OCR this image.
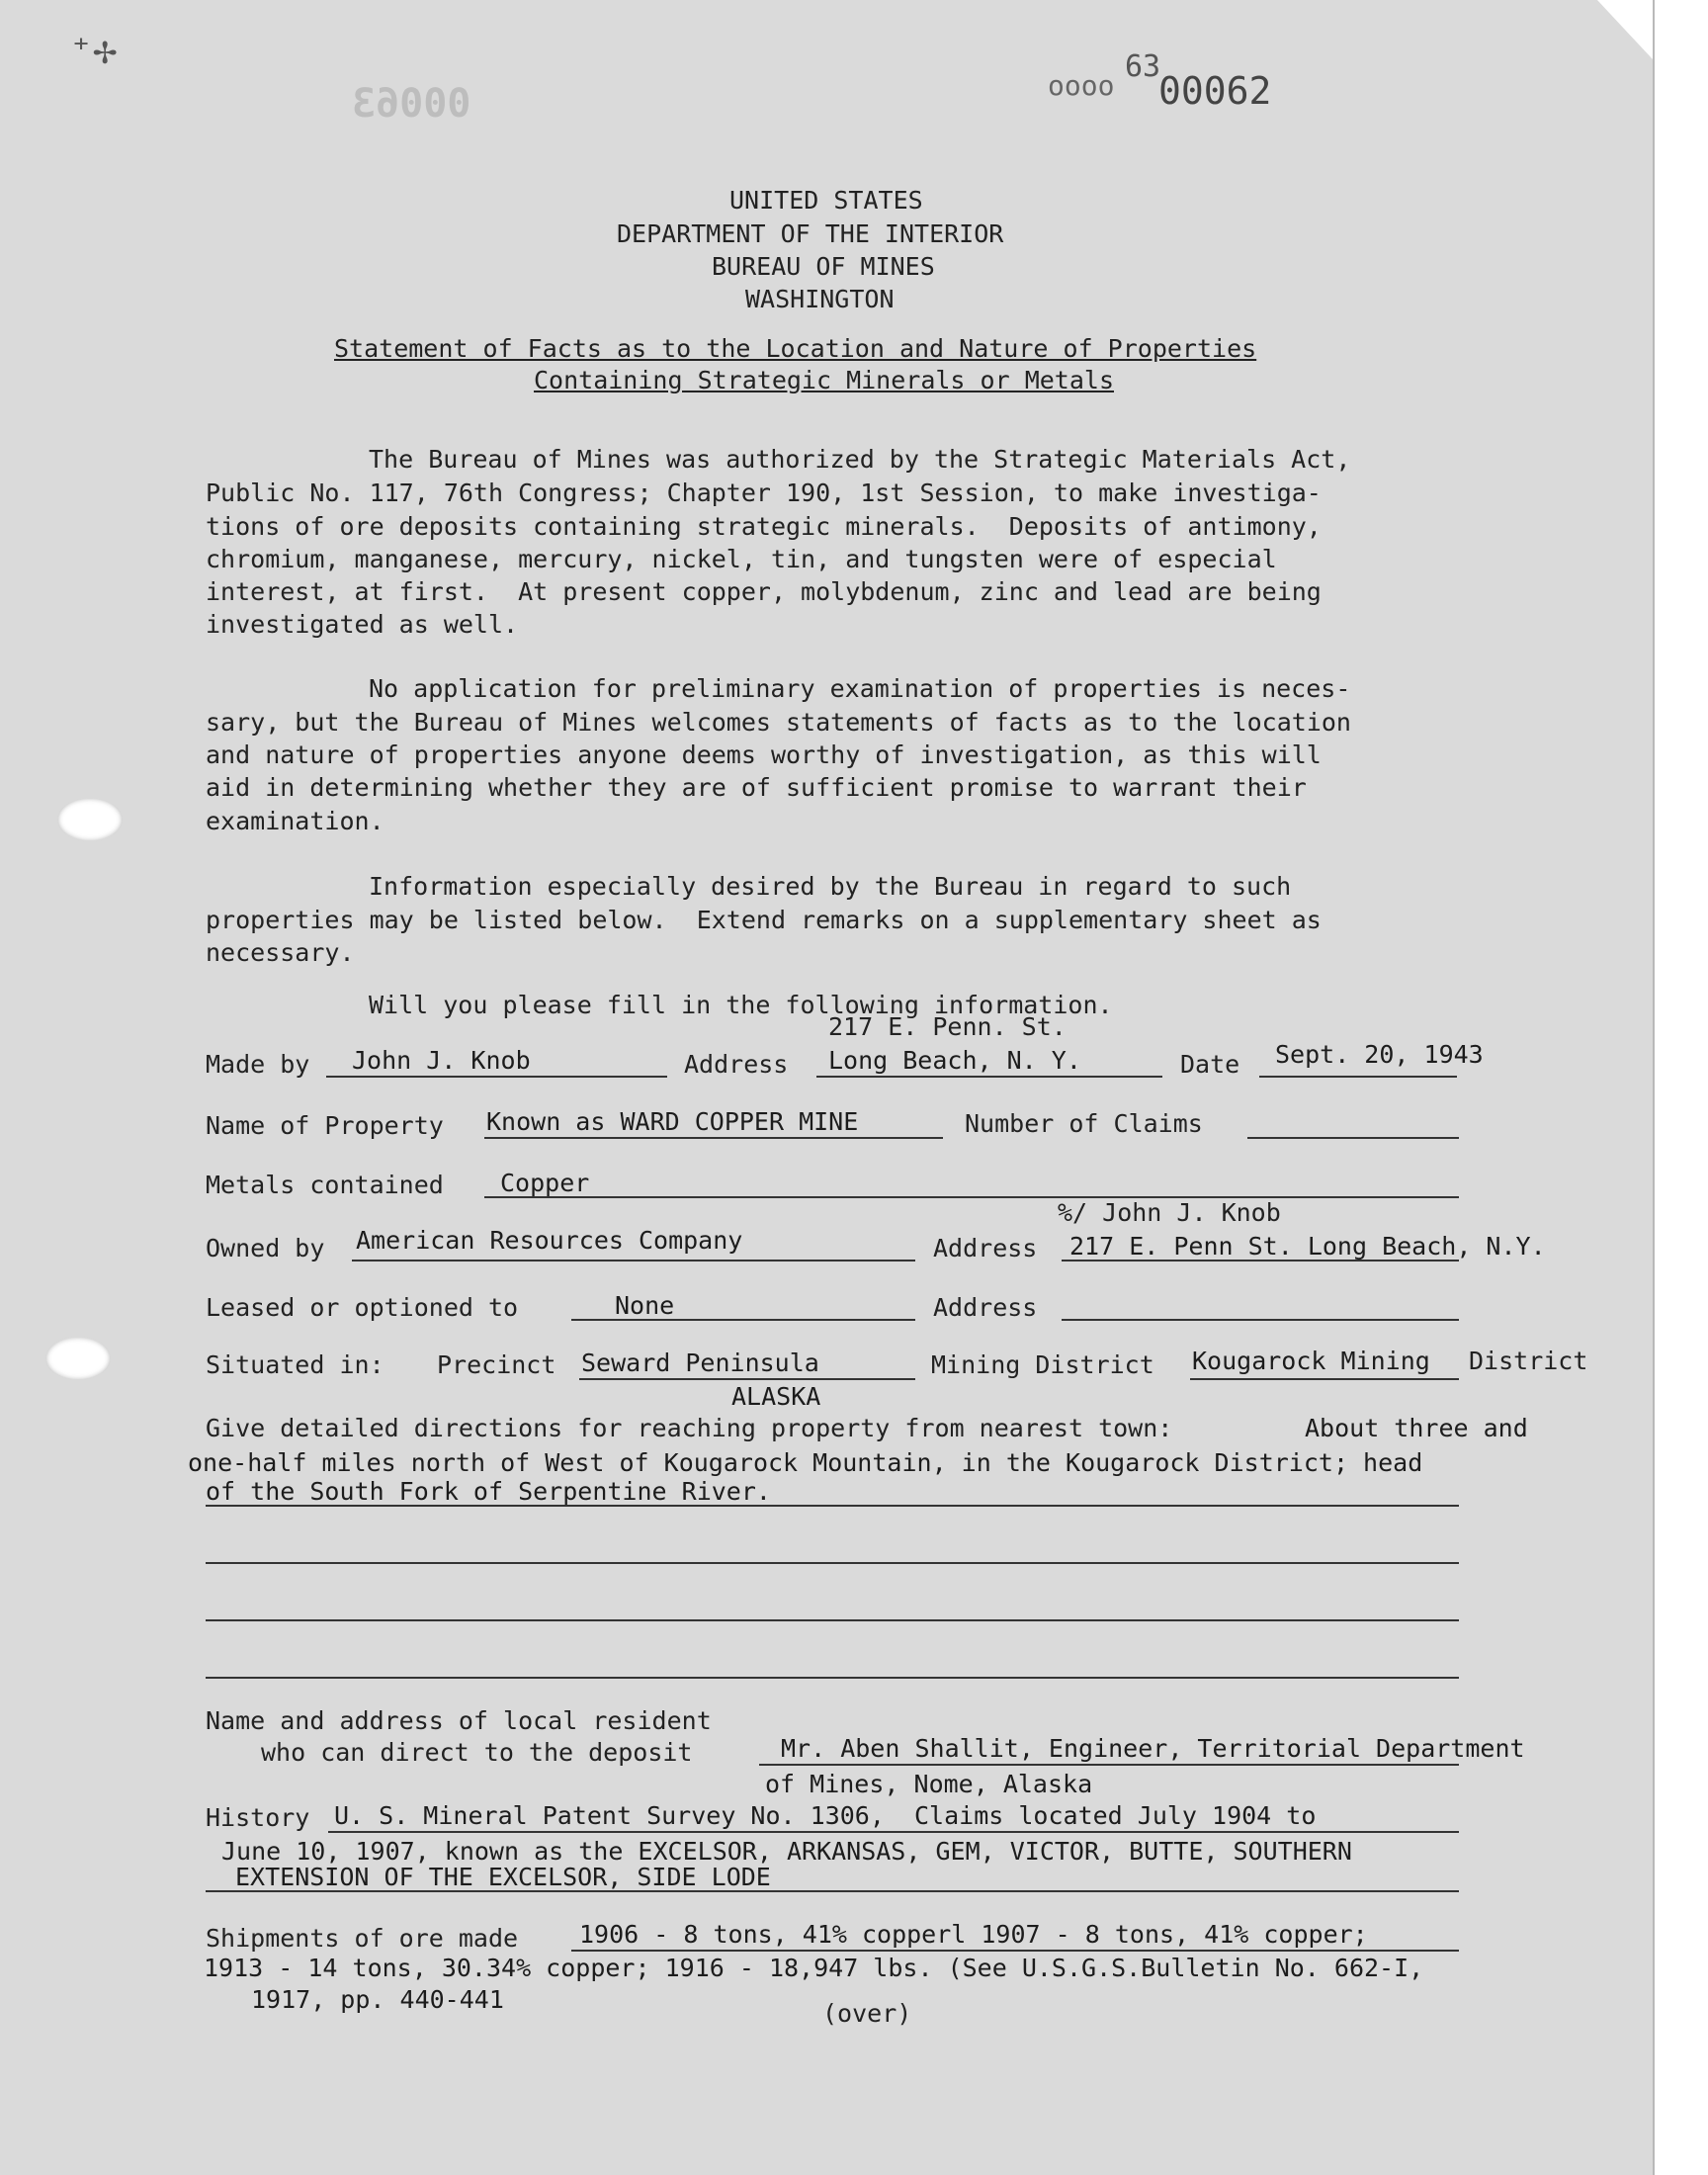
⁺✢
00063	oooo
63
00062
UNITED STATES
DEPARTMENT OF THE INTERIOR
BUREAU OF MINES
WASHINGTON
Statement of Facts as to the Location and Nature of Properties
Containing Strategic Minerals or Metals
The Bureau of Mines was authorized by the Strategic Materials Act,
Public No. 117, 76th Congress; Chapter 190, 1st Session, to make investiga-
tions of ore deposits containing strategic minerals.  Deposits of antimony,
chromium, manganese, mercury, nickel, tin, and tungsten were of especial
interest, at first.  At present copper, molybdenum, zinc and lead are being
investigated as well.
No application for preliminary examination of properties is neces-
sary, but the Bureau of Mines welcomes statements of facts as to the location
and nature of properties anyone deems worthy of investigation, as this will
aid in determining whether they are of sufficient promise to warrant their
examination.
Information especially desired by the Bureau in regard to such
properties may be listed below.  Extend remarks on a supplementary sheet as
necessary.
Will you please fill in the following information.
217 E. Penn. St.
Made by John J. Knob	Address Long Beach, N. Y.	Date Sept. 20, 1943
Name of Property Known as WARD COPPER MINE	Number of Claims
Metals contained Copper
%/ John J. Knob
Owned by American Resources Company	Address 217 E. Penn St. Long Beach, N.Y.
Leased or optioned to	None	Address
Situated in: Precinct Seward Peninsula
ALASKA
Mining District Kougarock Mining District
Give detailed directions for reaching property from nearest town:	About three and
one-half miles north of West of Kougarock Mountain, in the Kougarock District; head
of the South Fork of Serpentine River.
Name and address of local resident
who can direct to the deposit	Mr. Aben Shallit, Engineer, Territorial Department
of Mines, Nome, Alaska
History U. S. Mineral Patent Survey No. 1306,  Claims located July 1904 to
June 10, 1907, known as the EXCELSOR, ARKANSAS, GEM, VICTOR, BUTTE, SOUTHERN
EXTENSION OF THE EXCELSOR, SIDE LODE
Shipments of ore made 1906 - 8 tons, 41% copperl 1907 - 8 tons, 41% copper;
1913 - 14 tons, 30.34% copper; 1916 - 18,947 lbs. (See U.S.G.S.Bulletin No. 662-I,
1917, pp. 440-441	(over)
